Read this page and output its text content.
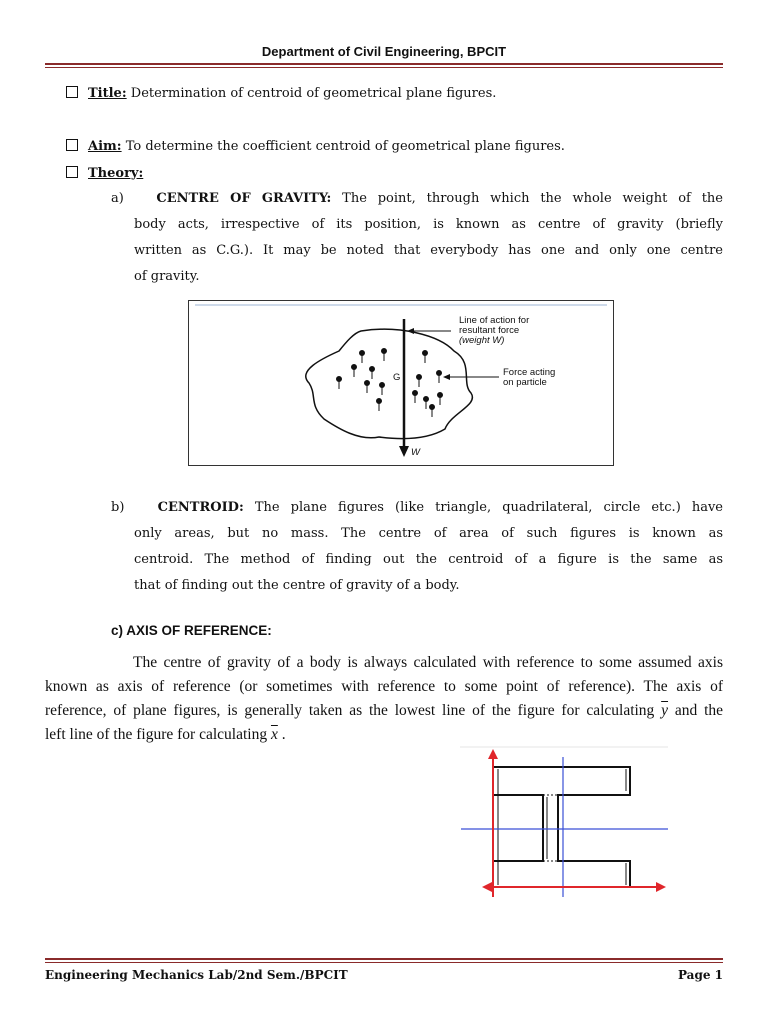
Department of Civil Engineering, BPCIT
Title: Determination of centroid of geometrical plane figures.
Aim: To determine the coefficient centroid of geometrical plane figures.
Theory:
a)	CENTRE OF GRAVITY: The point, through which the whole weight of the
body acts, irrespective of its position, is known as centre of gravity (briefly
written as C.G.). It may be noted that everybody has one and only one centre
of gravity.
Line of action for
resultant force
(weight W)
Force acting
on particle
G
W
b)	CENTROID: The plane figures (like triangle, quadrilateral, circle etc.) have
only areas, but no mass. The centre of area of such figures is known as
centroid. The method of finding out the centroid of a figure is the same as
that of finding out the centre of gravity of a body.
c) AXIS OF REFERENCE:
The centre of gravity of a body is always calculated with reference to some assumed axis
known as axis of reference (or sometimes with reference to some point of reference). The axis of
reference, of plane figures, is generally taken as the lowest line of the figure for calculating $\overline{y}$ and the
left line of the figure for calculating $\overline{x}$ .
Engineering Mechanics Lab/2nd Sem./BPCIT	Page 1
